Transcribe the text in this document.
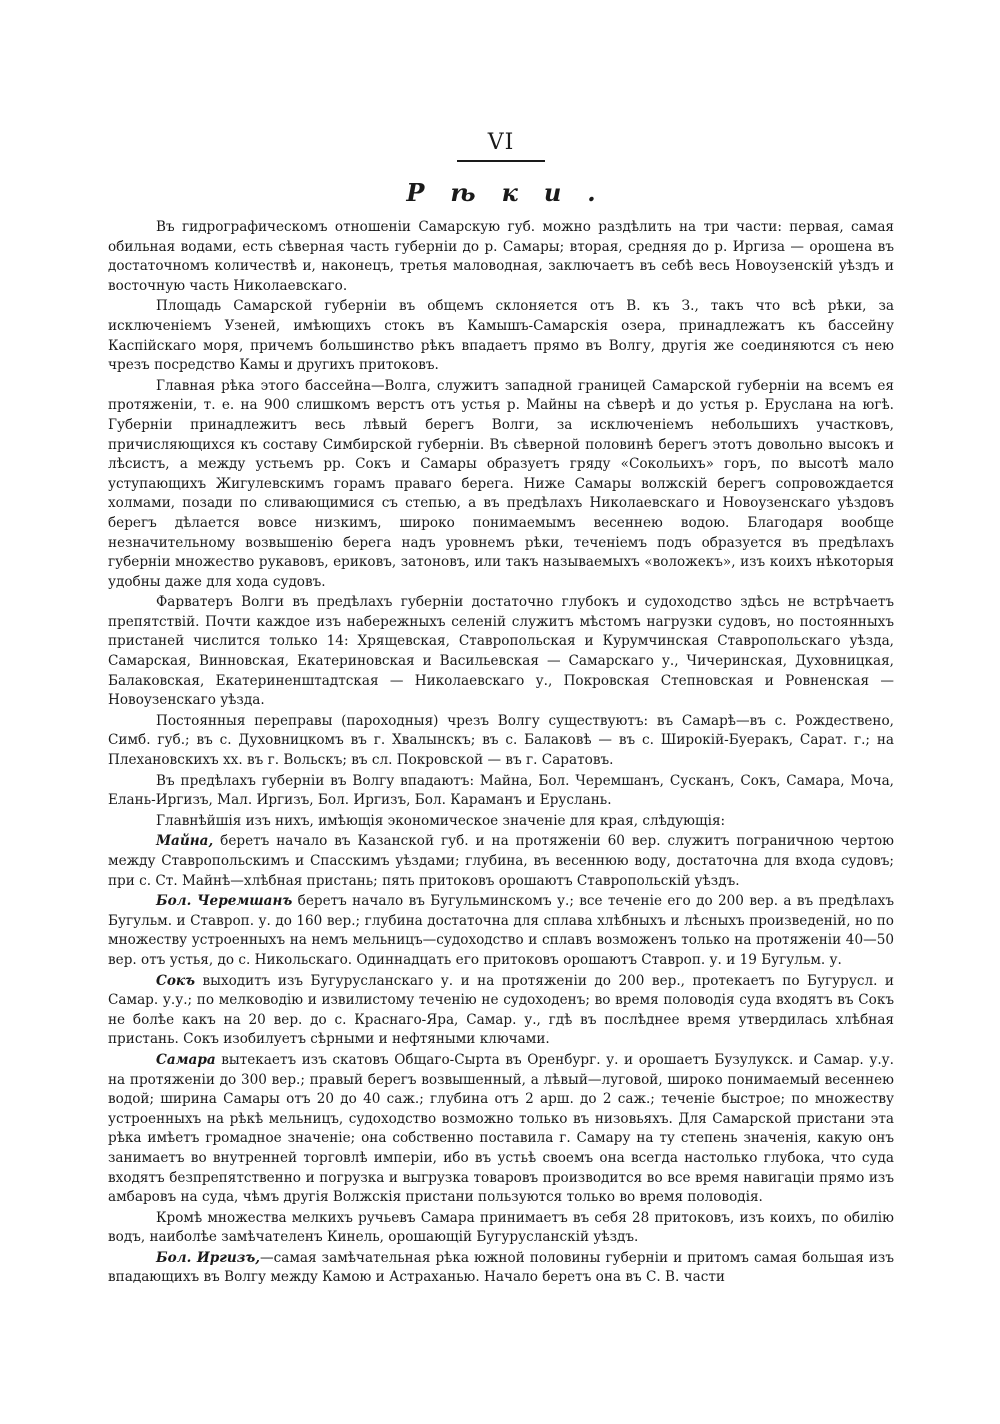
VI
Рѣки.

Въ гидрографическомъ отношеніи Самарскую губ. можно раздѣлить на три части: первая, самая обильная водами, есть сѣверная часть губерніи до р. Самары; вторая, средняя до р. Иргиза — орошена въ достаточномъ количествѣ и, наконецъ, третья маловодная, заключаетъ въ себѣ весь Новоузенскій уѣздъ и восточную часть Николаевскаго.

Площадь Самарской губерніи въ общемъ склоняется отъ В. къ З., такъ что всѣ рѣки, за исключеніемъ Узеней, имѣющихъ стокъ въ Камышъ-Самарскія озера, принадлежатъ къ бассейну Каспійскаго моря, причемъ большинство рѣкъ впадаетъ прямо въ Волгу, другія же соединяются съ нею чрезъ посредство Камы и другихъ притоковъ.

Главная рѣка этого бассейна—Волга, служитъ западной границей Самарской губерніи на всемъ ея протяженіи, т. е. на 900 слишкомъ верстъ отъ устья р. Майны на сѣверѣ и до устья р. Еруслана на югѣ. Губерніи принадлежитъ весь лѣвый берегъ Волги, за исключеніемъ небольшихъ участковъ, причисляющихся къ составу Симбирской губерніи. Въ сѣверной половинѣ берегъ этотъ довольно высокъ и лѣсистъ, а между устьемъ рр. Сокъ и Самары образуетъ гряду «Сокольихъ» горъ, по высотѣ мало уступающихъ Жигулевскимъ горамъ праваго берега. Ниже Самары волжскій берегъ сопровождается холмами, позади по сливающимися съ степью, а въ предѣлахъ Николаевскаго и Новоузенскаго уѣздовъ берегъ дѣлается вовсе низкимъ, широко понимаемымъ весеннею водою. Благодаря вообще незначительному возвышенію берега надъ уровнемъ рѣки, теченіемъ подъ образуется въ предѣлахъ губерніи множество рукавовъ, ериковъ, затоновъ, или такъ называемыхъ «воложекъ», изъ коихъ нѣкоторыя удобны даже для хода судовъ.

Фарватеръ Волги въ предѣлахъ губерніи достаточно глубокъ и судоходство здѣсь не встрѣчаетъ препятствій. Почти каждое изъ набережныхъ селеній служитъ мѣстомъ нагрузки судовъ, но постоянныхъ пристаней числится только 14: Хрящевская, Ставропольская и Курумчинская Ставропольскаго уѣзда, Самарская, Винновская, Екатериновская и Васильевская — Самарскаго у., Чичеринская, Духовницкая, Балаковская, Екатериненштадтская — Николаевскаго у., Покровская Степновская и Ровненская — Новоузенскаго уѣзда.

Постоянныя переправы (пароходныя) чрезъ Волгу существуютъ: въ Самарѣ—въ с. Рождествено, Симб. губ.; въ с. Духовницкомъ въ г. Хвалынскъ; въ с. Балаковѣ — въ с. Широкій-Буеракъ, Сарат. г.; на Плехановскихъ хх. въ г. Вольскъ; въ сл. Покровской — въ г. Саратовъ.

Въ предѣлахъ губерніи въ Волгу впадаютъ: Майна, Бол. Черемшанъ, Сусканъ, Сокъ, Самара, Моча, Елань-Иргизъ, Мал. Иргизъ, Бол. Иргизъ, Бол. Караманъ и Еруслань.

Главнѣйшія изъ нихъ, имѣющія экономическое значеніе для края, слѣдующія:

Майна, беретъ начало въ Казанской губ. и на протяженіи 60 вер. служитъ пограничною чертою между Ставропольскимъ и Спасскимъ уѣздами; глубина, въ весеннюю воду, достаточна для входа судовъ; при с. Ст. Майнѣ—хлѣбная пристань; пять притоковъ орошаютъ Ставропольскій уѣздъ.

Бол. Черемшанъ беретъ начало въ Бугульминскомъ у.; все теченіе его до 200 вер. а въ предѣлахъ Бугульм. и Ставроп. у. до 160 вер.; глубина достаточна для сплава хлѣбныхъ и лѣсныхъ произведеній, но по множеству устроенныхъ на немъ мельницъ—судоходство и сплавъ возможенъ только на протяженіи 40—50 вер. отъ устья, до с. Никольскаго. Одиннадцать его притоковъ орошаютъ Ставроп. у. и 19 Бугульм. у.

Сокъ выходитъ изъ Бугурусланскаго у. и на протяженіи до 200 вер., протекаетъ по Бугурусл. и Самар. у.у.; по мелководію и извилистому теченію не судоходенъ; во время половодія суда входятъ въ Сокъ не болѣе какъ на 20 вер. до с. Краснаго-Яра, Самар. у., гдѣ въ послѣднее время утвердилась хлѣбная пристань. Сокъ изобилуетъ сѣрными и нефтяными ключами.

Самара вытекаетъ изъ скатовъ Общаго-Сырта въ Оренбург. у. и орошаетъ Бузулукск. и Самар. у.у. на протяженіи до 300 вер.; правый берегъ возвышенный, а лѣвый—луговой, широко понимаемый весеннею водой; ширина Самары отъ 20 до 40 саж.; глубина отъ 2 арш. до 2 саж.; теченіе быстрое; по множеству устроенныхъ на рѣкѣ мельницъ, судоходство возможно только въ низовьяхъ. Для Самарской пристани эта рѣка имѣетъ громадное значеніе; она собственно поставила г. Самару на ту степень значенія, какую онъ занимаетъ во внутренней торговлѣ имперіи, ибо въ устьѣ своемъ она всегда настолько глубока, что суда входятъ безпрепятственно и погрузка и выгрузка товаровъ производится во все время навигаціи прямо изъ амбаровъ на суда, чѣмъ другія Волжскія пристани пользуются только во время половодія.

Кромѣ множества мелкихъ ручьевъ Самара принимаетъ въ себя 28 притоковъ, изъ коихъ, по обилію водъ, наиболѣе замѣчателенъ Кинель, орошающій Бугурусланскій уѣздъ.

Бол. Иргизъ,—самая замѣчательная рѣка южной половины губерніи и притомъ самая большая изъ впадающихъ въ Волгу между Камою и Астраханью. Начало беретъ она въ С. В. части
